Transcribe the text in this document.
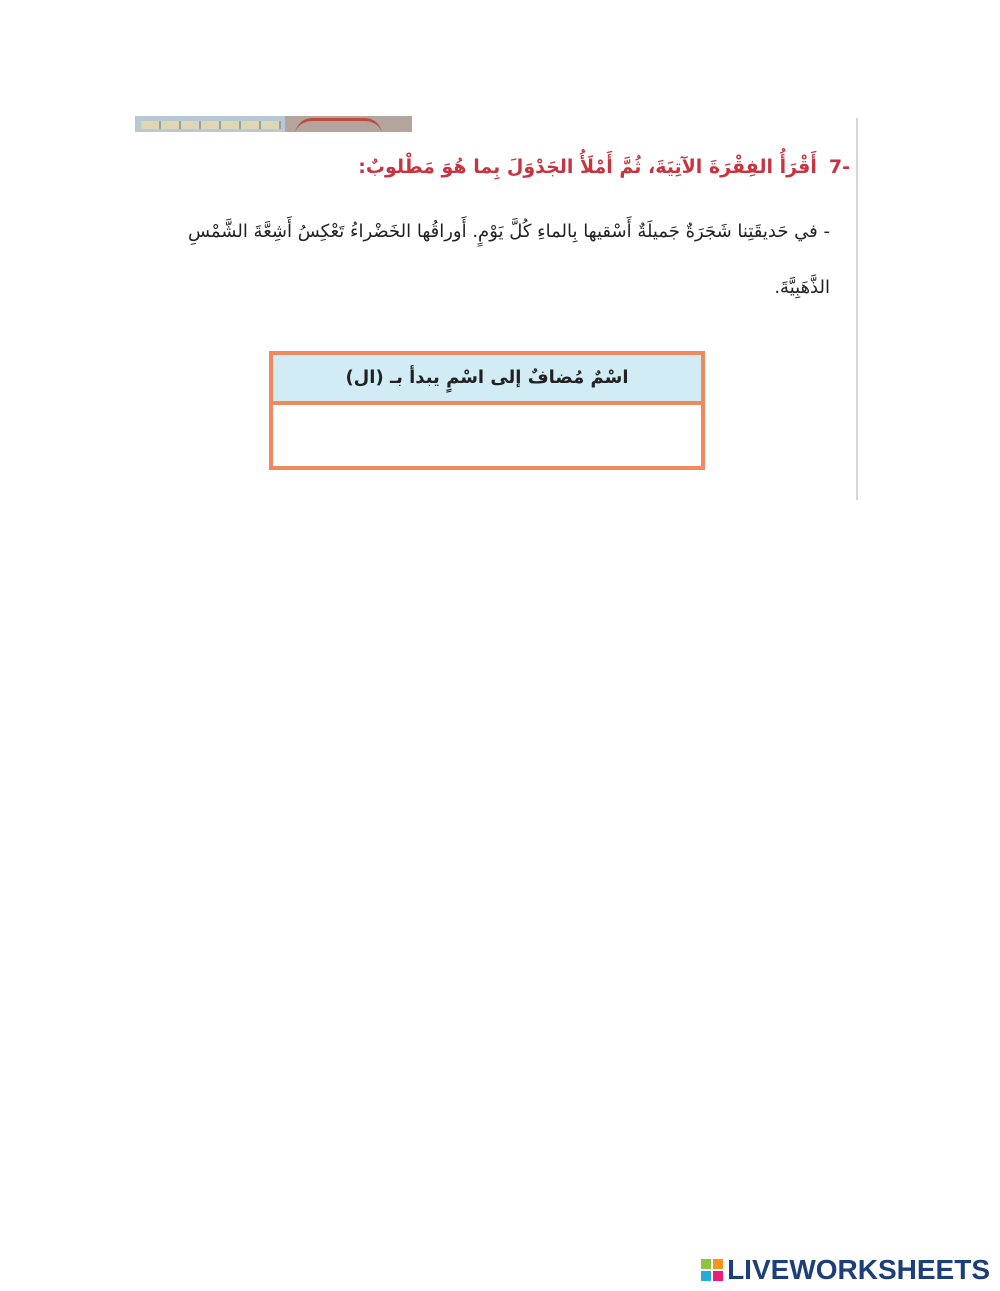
-7أَقْرَأُ الفِقْرَةَ الآتِيَةَ، ثُمَّ أَمْلَأُ الجَدْوَلَ بِما هُوَ مَطْلوبٌ:
- في حَديقَتِنا شَجَرَةٌ جَميلَةٌ أَسْقيها بِالماءِ كُلَّ يَوْمٍ. أَوراقُها الخَضْراءُ تَعْكِسُ أَشِعَّةَ الشَّمْسِ الذَّهَبِيَّةَ.
اسْمٌ مُضافٌ إلى اسْمٍ يبدأ بـ (ال)
LIVEWORKSHEETS
